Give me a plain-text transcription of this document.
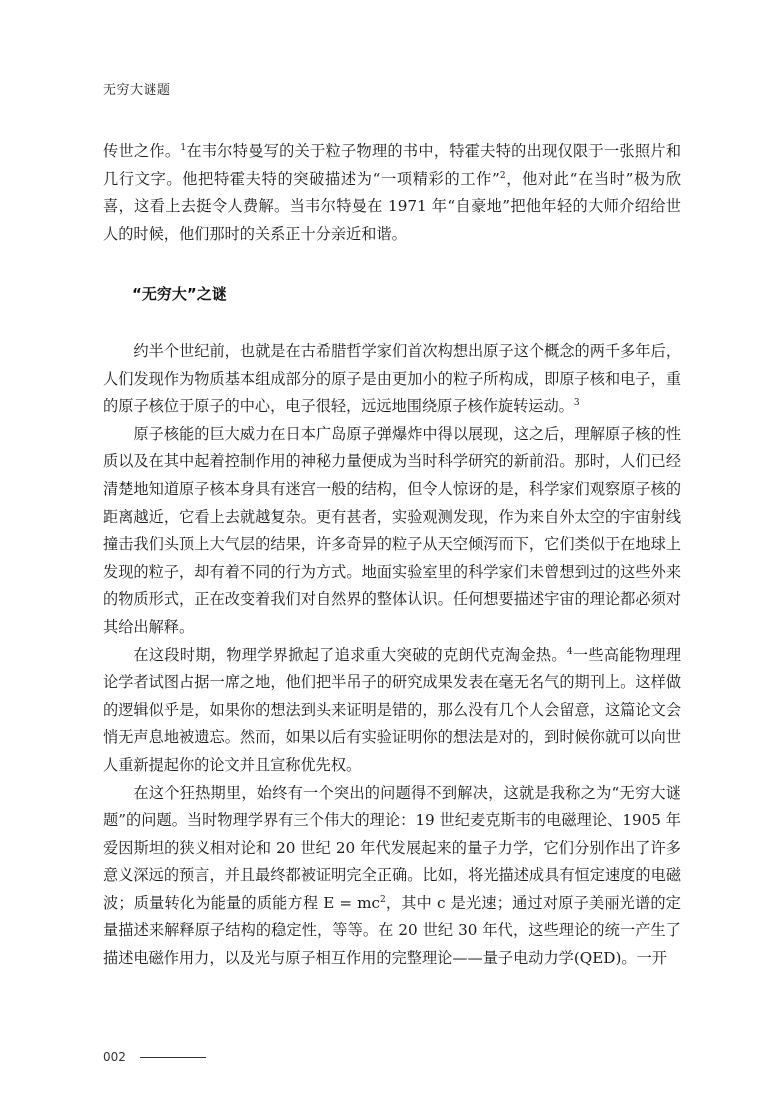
无穷大谜题

传世之作。$^1$在韦尔特曼写的关于粒子物理的书中，特霍夫特的出现仅限于一张照片和几行文字。他把特霍夫特的突破描述为“一项精彩的工作”$^2$，他对此“在当时”极为欣喜，这看上去挺令人费解。当韦尔特曼在 1971 年“自豪地”把他年轻的大师介绍给世人的时候，他们那时的关系正十分亲近和谐。

“无穷大”之谜

约半个世纪前，也就是在古希腊哲学家们首次构想出原子这个概念的两千多年后，人们发现作为物质基本组成部分的原子是由更加小的粒子所构成，即原子核和电子，重的原子核位于原子的中心，电子很轻，远远地围绕原子核作旋转运动。$^3$

原子核能的巨大威力在日本广岛原子弹爆炸中得以展现，这之后，理解原子核的性质以及在其中起着控制作用的神秘力量便成为当时科学研究的新前沿。那时，人们已经清楚地知道原子核本身具有迷宫一般的结构，但令人惊讶的是，科学家们观察原子核的距离越近，它看上去就越复杂。更有甚者，实验观测发现，作为来自外太空的宇宙射线撞击我们头顶上大气层的结果，许多奇异的粒子从天空倾泻而下，它们类似于在地球上发现的粒子，却有着不同的行为方式。地面实验室里的科学家们未曾想到过的这些外来的物质形式，正在改变着我们对自然界的整体认识。任何想要描述宇宙的理论都必须对其给出解释。

在这段时期，物理学界掀起了追求重大突破的克朗代克淘金热。$^4$一些高能物理理论学者试图占据一席之地，他们把半吊子的研究成果发表在毫无名气的期刊上。这样做的逻辑似乎是，如果你的想法到头来证明是错的，那么没有几个人会留意，这篇论文会悄无声息地被遗忘。然而，如果以后有实验证明你的想法是对的，到时候你就可以向世人重新提起你的论文并且宣称优先权。

在这个狂热期里，始终有一个突出的问题得不到解决，这就是我称之为“无穷大谜题”的问题。当时物理学界有三个伟大的理论：19 世纪麦克斯韦的电磁理论、1905 年爱因斯坦的狭义相对论和 20 世纪 20 年代发展起来的量子力学，它们分别作出了许多意义深远的预言，并且最终都被证明完全正确。比如，将光描述成具有恒定速度的电磁波；质量转化为能量的质能方程 $E = mc^2$，其中 c 是光速；通过对原子美丽光谱的定量描述来解释原子结构的稳定性，等等。在 20 世纪 30 年代，这些理论的统一产生了描述电磁作用力，以及光与原子相互作用的完整理论——量子电动力学(QED)。一开

002
